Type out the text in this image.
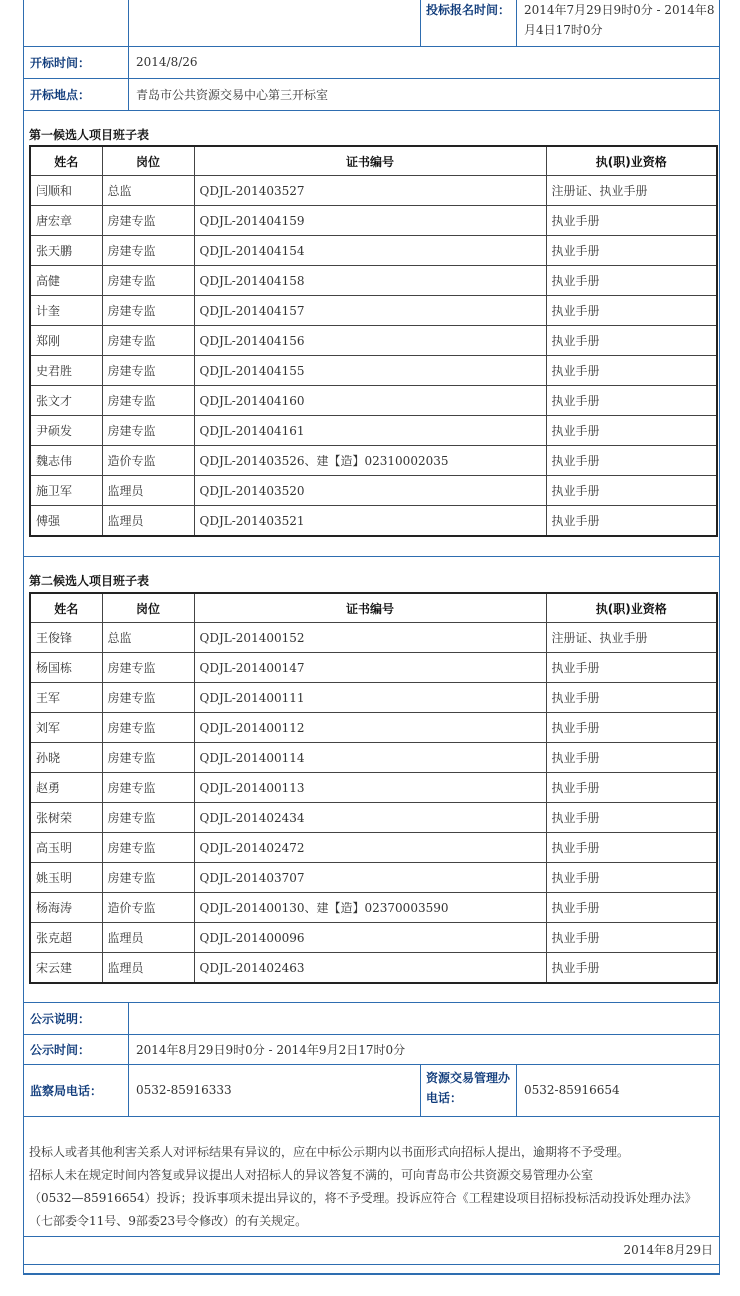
投标报名时间：	2014年7月29日9时0分 - 2014年8月4日17时0分
开标时间：	2014/8/26
开标地点：	青岛市公共资源交易中心第三开标室
第一候选人项目班子表
姓名	岗位	证书编号	执(职)业资格
闫顺和	总监	QDJL-201403527	注册证、执业手册
唐宏章	房建专监	QDJL-201404159	执业手册
张天鹏	房建专监	QDJL-201404154	执业手册
高健	房建专监	QDJL-201404158	执业手册
计奎	房建专监	QDJL-201404157	执业手册
郑刚	房建专监	QDJL-201404156	执业手册
史君胜	房建专监	QDJL-201404155	执业手册
张文才	房建专监	QDJL-201404160	执业手册
尹硕发	房建专监	QDJL-201404161	执业手册
魏志伟	造价专监	QDJL-201403526、建【造】02310002035	执业手册
施卫军	监理员	QDJL-201403520	执业手册
傅强	监理员	QDJL-201403521	执业手册
第二候选人项目班子表
姓名	岗位	证书编号	执(职)业资格
王俊锋	总监	QDJL-201400152	注册证、执业手册
杨国栋	房建专监	QDJL-201400147	执业手册
王军	房建专监	QDJL-201400111	执业手册
刘军	房建专监	QDJL-201400112	执业手册
孙晓	房建专监	QDJL-201400114	执业手册
赵勇	房建专监	QDJL-201400113	执业手册
张树荣	房建专监	QDJL-201402434	执业手册
高玉明	房建专监	QDJL-201402472	执业手册
姚玉明	房建专监	QDJL-201403707	执业手册
杨海涛	造价专监	QDJL-201400130、建【造】02370003590	执业手册
张克超	监理员	QDJL-201400096	执业手册
宋云建	监理员	QDJL-201402463	执业手册
公示说明：
公示时间：	2014年8月29日9时0分 - 2014年9月2日17时0分
监察局电话：	0532-85916333
资源交易管理办电话：
0532-85916654
投标人或者其他利害关系人对评标结果有异议的，应在中标公示期内以书面形式向招标人提出，逾期将不予受理。
招标人未在规定时间内答复或异议提出人对招标人的异议答复不满的，可向青岛市公共资源交易管理办公室
（0532—85916654）投诉；投诉事项未提出异议的，将不予受理。投诉应符合《工程建设项目招标投标活动投诉处理办法》
（七部委令11号、9部委23号令修改）的有关规定。
2014年8月29日
